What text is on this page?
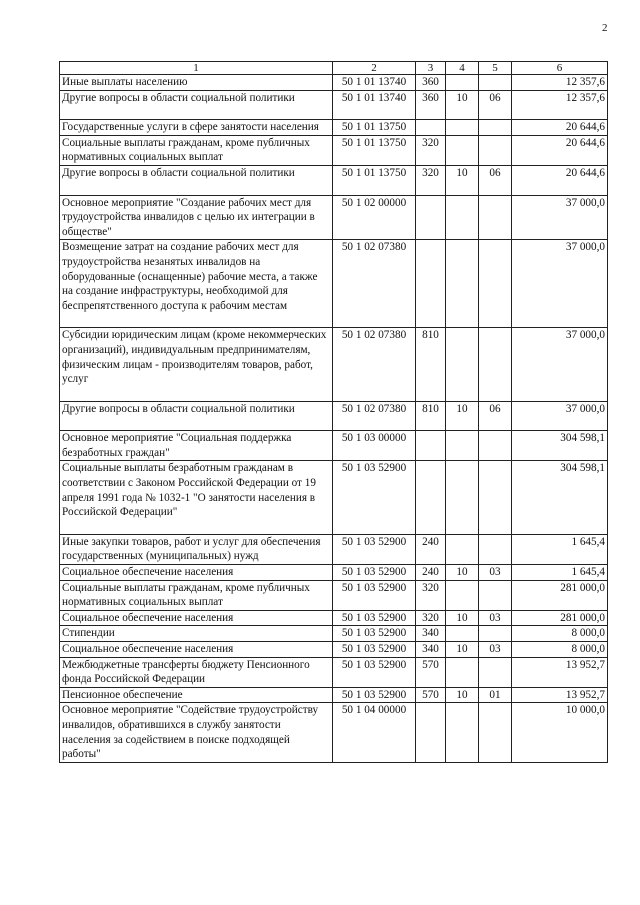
2
1	2	3	4	5	6
Иные выплаты населению	50 1 01 13740	360			12 357,6
Другие вопросы в области социальной политики	50 1 01 13740	360	10	06	12 357,6
Государственные услуги в сфере занятости населения	50 1 01 13750				20 644,6
Социальные выплаты гражданам, кроме публичных нормативных социальных выплат	50 1 01 13750	320			20 644,6
Другие вопросы в области социальной политики	50 1 01 13750	320	10	06	20 644,6
Основное мероприятие "Создание рабочих мест для трудоустройства инвалидов с целью их интеграции в обществе"	50 1 02 00000				37 000,0
Возмещение затрат на создание рабочих мест для трудоустройства незанятых инвалидов на оборудованные (оснащенные) рабочие места, а также на создание инфраструктуры, необходимой для беспрепятственного доступа к рабочим местам	50 1 02 07380				37 000,0
Субсидии юридическим лицам (кроме некоммерческих организаций), индивидуальным предпринимателям, физическим лицам - производителям товаров, работ, услуг	50 1 02 07380	810			37 000,0
Другие вопросы в области социальной политики	50 1 02 07380	810	10	06	37 000,0
Основное мероприятие "Социальная поддержка безработных граждан"	50 1 03 00000				304 598,1
Социальные выплаты безработным гражданам в соответствии с Законом Российской Федерации от 19 апреля 1991 года № 1032-1 "О занятости населения в Российской Федерации"	50 1 03 52900				304 598,1
Иные закупки товаров, работ и услуг для обеспечения государственных (муниципальных) нужд	50 1 03 52900	240			1 645,4
Социальное обеспечение населения	50 1 03 52900	240	10	03	1 645,4
Социальные выплаты гражданам, кроме публичных нормативных социальных выплат	50 1 03 52900	320			281 000,0
Социальное обеспечение населения	50 1 03 52900	320	10	03	281 000,0
Стипендии	50 1 03 52900	340			8 000,0
Социальное обеспечение населения	50 1 03 52900	340	10	03	8 000,0
Межбюджетные трансферты бюджету Пенсионного фонда Российской Федерации	50 1 03 52900	570			13 952,7
Пенсионное обеспечение	50 1 03 52900	570	10	01	13 952,7
Основное мероприятие "Содействие трудоустройству инвалидов, обратившихся в службу занятости населения за содействием в поиске подходящей работы"	50 1 04 00000				10 000,0
